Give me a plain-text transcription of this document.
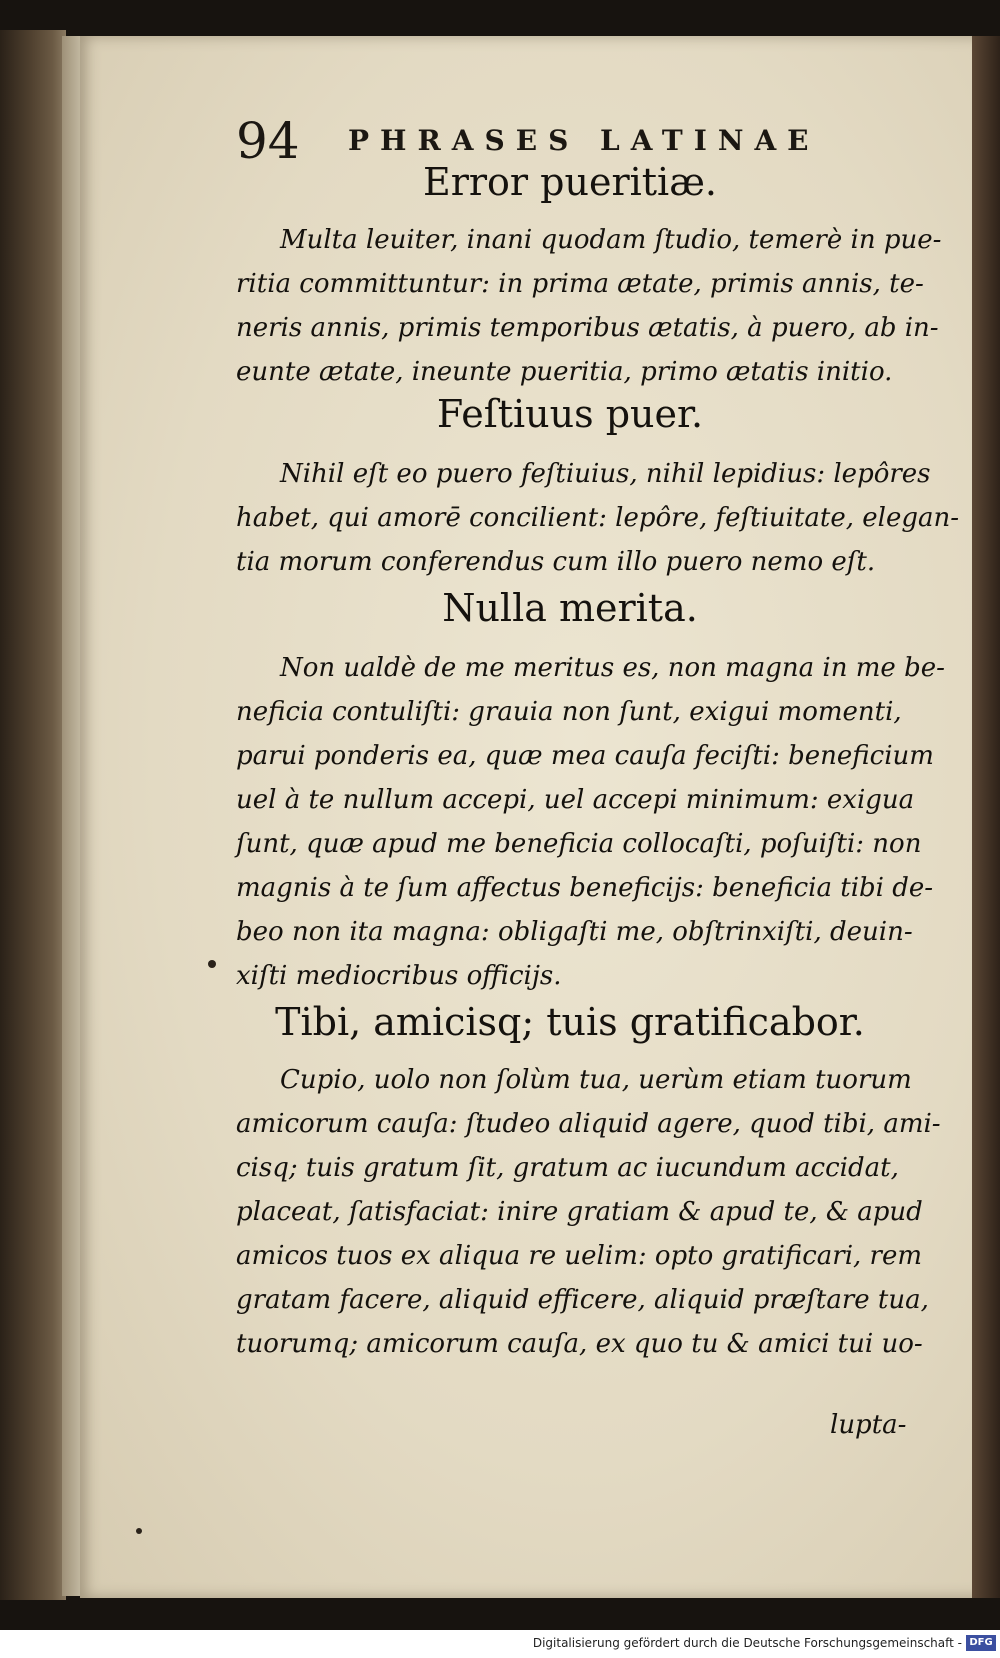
94 PHRASES LATINAE
Error pueritiæ.
Multa leuiter, inani quodam ſtudio, temerè in pue-
ritia committuntur: in prima ætate, primis annis, te-
neris annis, primis temporibus ætatis, à puero, ab in-
eunte ætate, ineunte pueritia, primo ætatis initio.
Feſtiuus puer.
Nihil eſt eo puero feſtiuius, nihil lepidius: lepôres
habet, qui amorē concilient: lepôre, feſtiuitate, elegan-
tia morum conferendus cum illo puero nemo eſt.
Nulla merita.
Non ualdè de me meritus es, non magna in me be-
neficia contuliſti: grauia non ſunt, exigui momenti,
parui ponderis ea, quæ mea cauſa feciſti: beneficium
uel à te nullum accepi, uel accepi minimum: exigua
ſunt, quæ apud me beneficia collocaſti, poſuiſti: non
magnis à te ſum affectus beneficijs: beneficia tibi de-
beo non ita magna: obligaſti me, obſtrinxiſti, deuin-
xiſti mediocribus officijs.
Tibi, amicisq; tuis gratificabor.
Cupio, uolo non ſolùm tua, uerùm etiam tuorum
amicorum cauſa: ſtudeo aliquid agere, quod tibi, ami-
cisq; tuis gratum ſit, gratum ac iucundum accidat,
placeat, ſatisfaciat: inire gratiam & apud te, & apud
amicos tuos ex aliqua re uelim: opto gratificari, rem
gratam facere, aliquid efficere, aliquid præſtare tua,
tuorumq; amicorum cauſa, ex quo tu & amici tui uo-
lupta-
Digitalisierung gefördert durch die Deutsche Forschungsgemeinschaft - DFG
